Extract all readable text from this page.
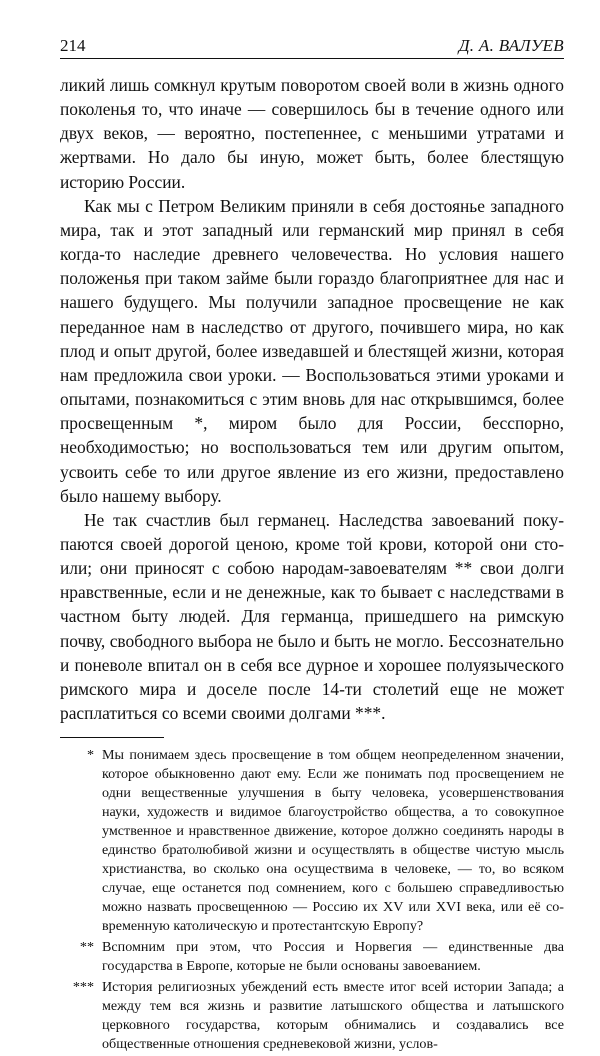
214	Д. А. ВАЛУЕВ

ликий лишь сомкнул крутым поворотом своей воли в жизнь одного поколенья то, что иначе — совершилось бы в течение одного или двух веков, — вероятно, постепеннее, с меньшими утратами и жертвами. Но дало бы иную, может быть, более блестящую историю России.

Как мы с Петром Великим приняли в себя достоянье западного мира, так и этот западный или германский мир принял в себя когда-то наследие древнего человечества. Но условия нашего положенья при таком займе были гораздо благоприятнее для нас и нашего будущего. Мы получили западное просвещение не как переданное нам в наследство от другого, почившего мира, но как плод и опыт другой, более изведавшей и блестящей жизни, которая нам предложила свои уроки. — Воспользоваться этими уроками и опытами, познакомиться с этим вновь для нас открывшимся, более просвещенным *, миром было для России, бесспорно, необходимостью; но воспользоваться тем или другим опытом, усвоить себе то или другое явление из его жизни, предоставлено было нашему выбору.

Не так счастлив был германец. Наследства завоеваний покупаются своей дорогой ценою, кроме той крови, которой они стоили; они приносят с собою народам-завоевателям ** свои долги нравственные, если и не денежные, как то бывает с наследствами в частном быту людей. Для германца, пришедшего на римскую почву, свободного выбора не было и быть не могло. Бессознательно и поневоле впитал он в себя все дурное и хорошее полуязыческого римского мира и доселе после 14-ти столетий еще не может расплатиться со всеми своими долгами ***.

* Мы понимаем здесь просвещение в том общем неопределенном значении, которое обыкновенно дают ему. Если же понимать под просвещением не одни вещественные улучшения в быту человека, усовершенствования науки, художеств и видимое благоустройство общества, а то совокупное умственное и нравственное движение, которое должно соединять народы в единство братолюбивой жизни и осуществлять в обществе чистую мысль христианства, во сколько она осуществима в человеке, — то, во всяком случае, еще останется под сомнением, кого с большею справедливостью можно назвать просвещенною — Россию их XV или XVI века, или её современную католическую и протестантскую Европу?
** Вспомним при этом, что Россия и Норвегия — единственные два государства в Европе, которые не были основаны завоеванием.
*** История религиозных убеждений есть вместе итог всей истории Запада; а между тем вся жизнь и развитие латышского общества и латышского церковного государства, которым обнимались и создавались все общественные отношения средневековой жизни, услов-
